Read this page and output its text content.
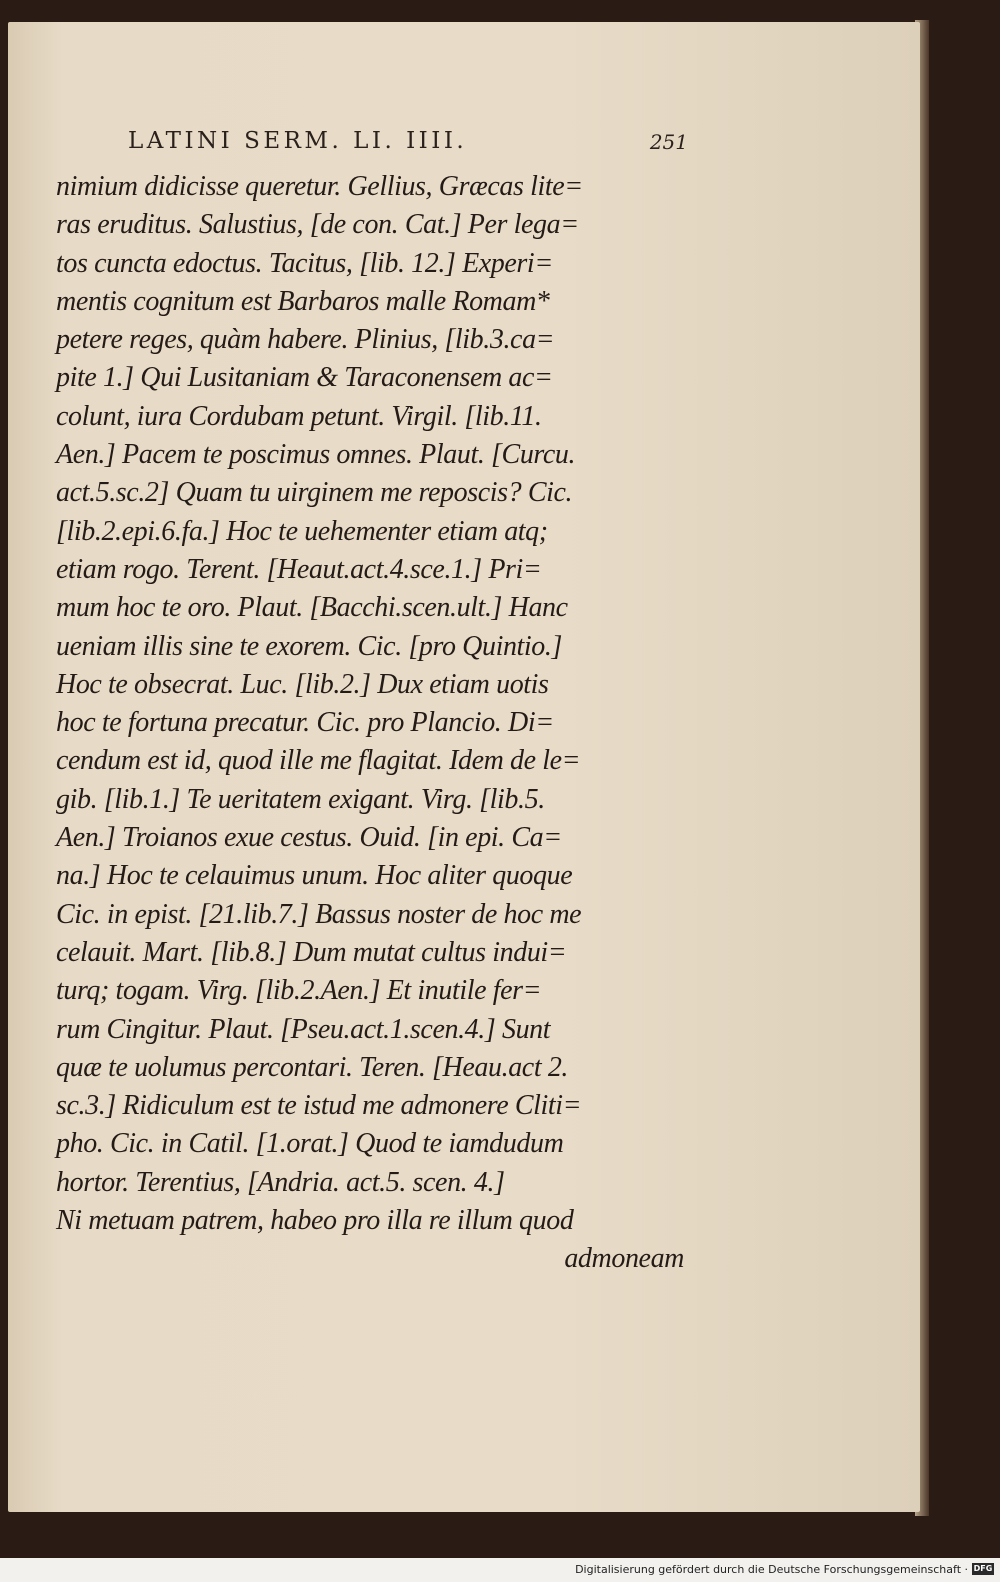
LATINI SERM. LI. IIII.	251
nimium didicisse queretur. Gellius, Græcas lite=
ras eruditus. Salustius, [de con. Cat.] Per lega=
tos cuncta edoctus. Tacitus, [lib. 12.] Experi=
mentis cognitum est Barbaros malle Romam*
petere reges, quàm habere. Plinius, [lib.3.ca=
pite 1.] Qui Lusitaniam & Taraconensem ac=
colunt, iura Cordubam petunt. Virgil. [lib.11.
Aen.] Pacem te poscimus omnes. Plaut. [Curcu.
act.5.sc.2] Quam tu uirginem me reposcis? Cic.
[lib.2.epi.6.fa.] Hoc te uehementer etiam atq;
etiam rogo. Terent. [Heaut.act.4.sce.1.] Pri=
mum hoc te oro. Plaut. [Bacchi.scen.ult.] Hanc
ueniam illis sine te exorem. Cic. [pro Quintio.]
Hoc te obsecrat. Luc. [lib.2.] Dux etiam uotis
hoc te fortuna precatur. Cic. pro Plancio. Di=
cendum est id, quod ille me flagitat. Idem de le=
gib. [lib.1.] Te ueritatem exigant. Virg. [lib.5.
Aen.] Troianos exue cestus. Ouid. [in epi. Ca=
na.] Hoc te celauimus unum. Hoc aliter quoque
Cic. in epist. [21.lib.7.] Bassus noster de hoc me
celauit. Mart. [lib.8.] Dum mutat cultus indui=
turq; togam. Virg. [lib.2.Aen.] Et inutile fer=
rum Cingitur. Plaut. [Pseu.act.1.scen.4.] Sunt
quæ te uolumus percontari. Teren. [Heau.act 2.
sc.3.] Ridiculum est te istud me admonere Cliti=
pho. Cic. in Catil. [1.orat.] Quod te iamdudum
hortor. Terentius, [Andria. act.5. scen. 4.]
Ni metuam patrem, habeo pro illa re illum quod
admoneam
Digitalisierung gefördert durch die Deutsche Forschungsgemeinschaft · DFG
